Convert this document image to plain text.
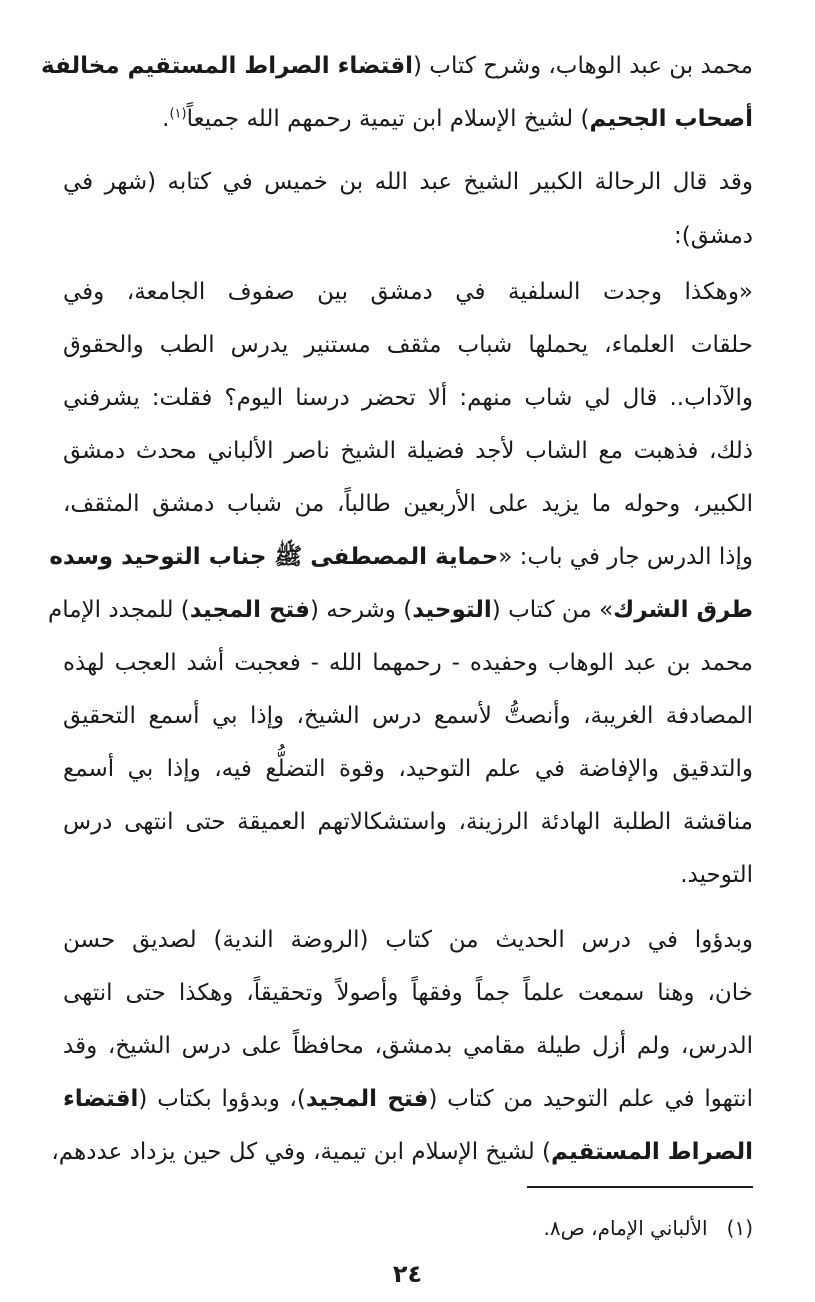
محمد بن عبد الوهاب، وشرح كتاب (اقتضاء الصراط المستقيم مخالفة
أصحاب الجحيم) لشيخ الإسلام ابن تيمية رحمهم الله جميعاً$^{(١)}$.
وقد قال الرحالة الكبير الشيخ عبد الله بن خميس في كتابه (شهر في
دمشق):
«وهكذا وجدت السلفية في دمشق بين صفوف الجامعة، وفي
حلقات العلماء، يحملها شباب مثقف مستنير يدرس الطب والحقوق
والآداب.. قال لي شاب منهم: ألا تحضر درسنا اليوم؟ فقلت: يشرفني
ذلك، فذهبت مع الشاب لأجد فضيلة الشيخ ناصر الألباني محدث دمشق
الكبير، وحوله ما يزيد على الأربعين طالباً، من شباب دمشق المثقف،
وإذا الدرس جار في باب: «حماية المصطفى ﷺ جناب التوحيد وسده
طرق الشرك» من كتاب (التوحيد) وشرحه (فتح المجيد) للمجدد الإمام
محمد بن عبد الوهاب وحفيده - رحمهما الله - فعجبت أشد العجب لهذه
المصادفة الغريبة، وأنصتُّ لأسمع درس الشيخ، وإذا بي أسمع التحقيق
والتدقيق والإفاضة في علم التوحيد، وقوة التضلُّع فيه، وإذا بي أسمع
مناقشة الطلبة الهادئة الرزينة، واستشكالاتهم العميقة حتى انتهى درس
التوحيد.
وبدؤوا في درس الحديث من كتاب (الروضة الندية) لصديق حسن
خان، وهنا سمعت علماً جماً وفقهاً وأصولاً وتحقيقاً، وهكذا حتى انتهى
الدرس، ولم أزل طيلة مقامي بدمشق، محافظاً على درس الشيخ، وقد
انتهوا في علم التوحيد من كتاب (فتح المجيد)، وبدؤوا بكتاب (اقتضاء
الصراط المستقيم) لشيخ الإسلام ابن تيمية، وفي كل حين يزداد عددهم،
(١)   الألباني الإمام، ص٨.
٢٤
